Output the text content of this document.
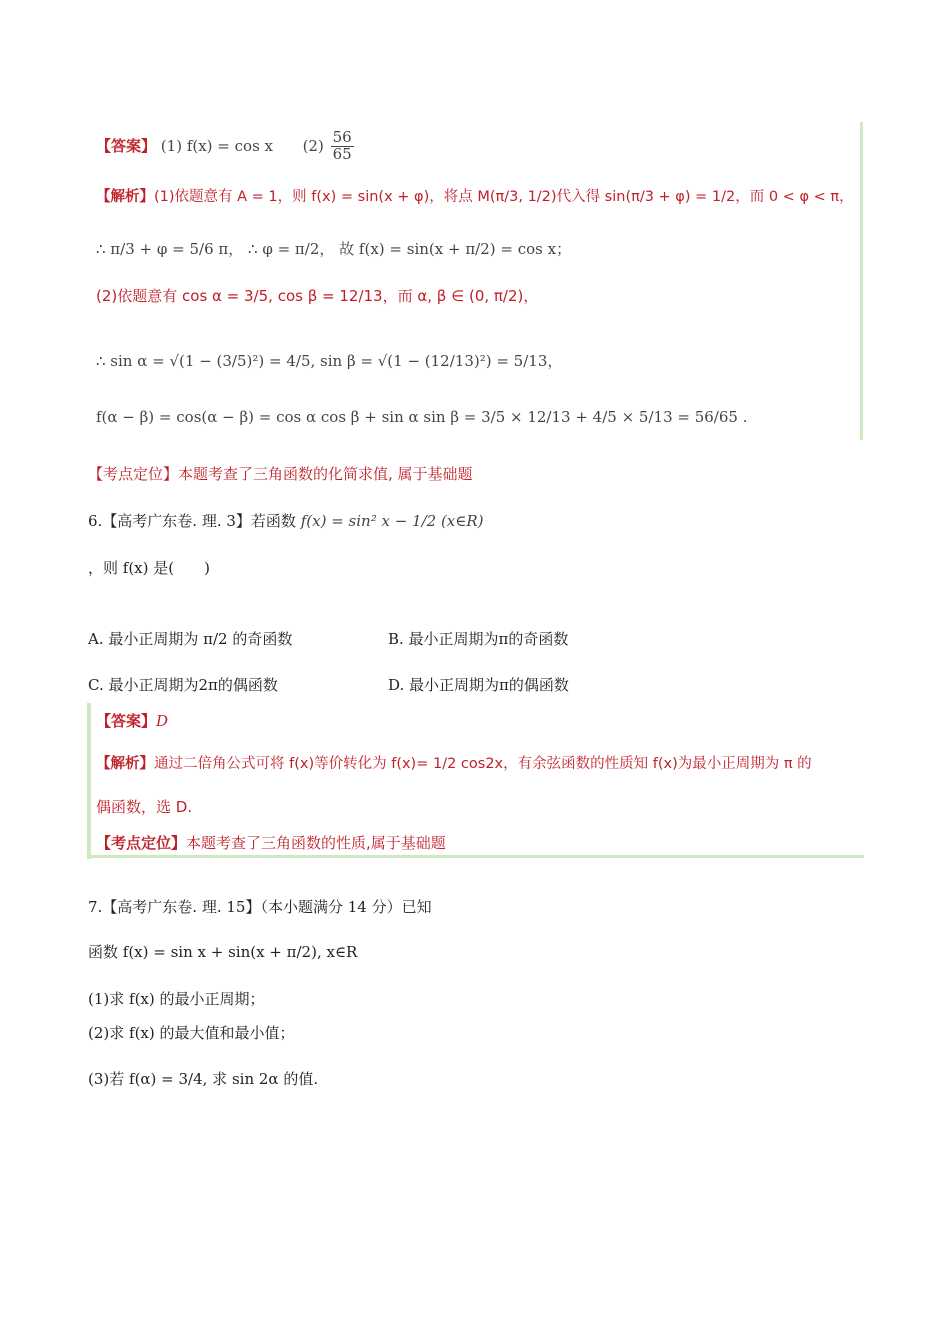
【答案】 (1) f(x) = cos x $(2) \frac{56}{65}$
【解析】(1)依题意有 A = 1，则 f(x) = sin(x + φ)，将点 M(π/3, 1/2)代入得 sin(π/3 + φ) = 1/2，而 0 < φ < π，
∴ π/3 + φ = 5/6 π， ∴ φ = π/2， 故 f(x) = sin(x + π/2) = cos x；
(2)依题意有 cos α = 3/5, cos β = 12/13，而 α, β ∈ (0, π/2)，
∴ sin α = √(1 − (3/5)²) = 4/5, sin β = √(1 − (12/13)²) = 5/13，
f(α − β) = cos(α − β) = cos α cos β + sin α sin β = 3/5 × 12/13 + 4/5 × 5/13 = 56/65 .
【考点定位】本题考查了三角函数的化简求值, 属于基础题
6.【高考广东卷. 理. 3】若函数 f(x) = sin² x − 1/2 (x∈R)
，则 f(x) 是(　　)
A. 最小正周期为 π/2 的奇函数	B. 最小正周期为π的奇函数
C. 最小正周期为2π的偶函数	D. 最小正周期为π的偶函数
【答案】D
【解析】通过二倍角公式可将 f(x)等价转化为 f(x)= 1/2 cos2x，有余弦函数的性质知 f(x)为最小正周期为 π 的
偶函数，选 D.
【考点定位】本题考查了三角函数的性质,属于基础题
7.【高考广东卷. 理. 15】（本小题满分 14 分）已知
函数 f(x) = sin x + sin(x + π/2), x∈R
(1)求 f(x) 的最小正周期；
(2)求 f(x) 的最大值和最小值；
(3)若 f(α) = 3/4, 求 sin 2α 的值.
